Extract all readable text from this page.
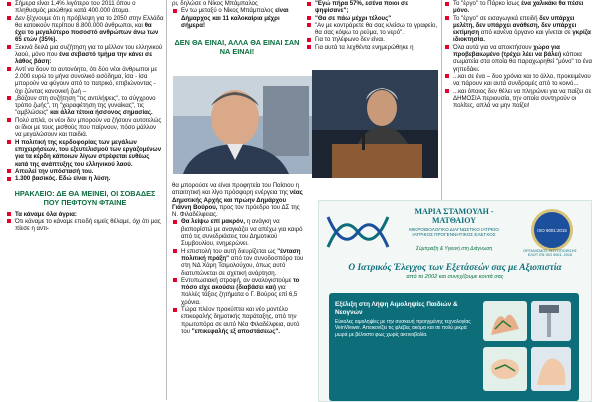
Σήμερα είναι 1,4% λιγότερο του 2011 όπου ο πληθυσμός μειώθηκε κατά 400.000 άτομα.

Δεν ξέχνουμε ότι η πρόβλεψη για το 2050 στην Ελλάδα θα κατοικούν περίπου 8.800.000 άνθρωποι, και θα έχει το μεγαλύτερο ποσοστό ανθρώπων άνω των 65 ετών (35%).

Ξεκινά δειλά μια συζήτηση για το μέλλον του ελληνικού λαού, μόνο που ένα σεβαστό τμήμα την κάνει σε λάθος βάση:

Αντί να δουν το αυτονόητο, ότι δύο νέοι άνθρωποι με 2.000 ευρώ το μήνα συνολικό εισόδημα, ίσα - ίσα μπορούν να φύγουν από το πατρικό, επιβιώνοντας - όχι ζώντας κανονική ζωή –

„Βάζουν στη συζήτηση "τις αντιλήψεις", το σύγχρονο τρόπο ζωής", τη "χειραφέτηση της γυναίκας", τις "αμβλώσεις" και άλλα τέτοια ήσσονος σημασίας.

Πολύ απλά, οι νέοι δεν μπορούν να ζήσουν αυτοτελώς οι ίδιοι με τους μισθούς που παίρνουν, πόσο μάλλον να μεγαλώσουν και παιδιά.

Η πολιτική της κερδοφορίας των μεγάλων επιχειρήσεων, του εξευτελισμού των εργαζομένων για τα κέρδη κάποιων λίγων στρέφεται ευθέως κατά της ανάπτυξης του ελληνικού λαού.

Απειλεί την υπόστασή του.

1.300 βασικός. Εδώ είναι η λύση.

ΗΡΑΚΛΕΙΟ: ΔΕ ΘΑ ΜΕΙΝΕΙ, ΟΙ ΣΟΒΑΔΕΣ ΠΟΥ ΠΕΦΤΟΥΝ ΦΤΑΙΝΕ

Τα κάναμε όλα άγρια:

Ότι κάναμε το κάναμε επειδή ειμείς θέλαμε, όχι ότι μας πίεσε η αντι-

ρι, δηλώσε ο Νίκος Μπάμπαλος

Εν τω μεταξύ ο Νίκος Μπάμπαλος είναι Δήμαρχος και 11 καλοκαίρια μέχρι σήμερα!

ΔΕΝ ΘΑ ΕΙΝΑΙ, ΑΛΛΑ ΘΑ ΕΙΝΑΙ ΣΑΝ ΝΑ ΕΙΝΑΙ!

θα μπορούσε να είναι προφητεία του Παίσιου η απαιτητική και λίγο πρόσφορη ενέργεια της νέας Δημοτικής Αρχής και πρώην Δημάρχου Γιάννη Βούρου, προς τον πρόεδρο του ΔΣ της Ν. Φιλαδέλφειας.

Θα λείψω επί μακρόν, η ανάγκη να βιοπορίστώ με αναγκάζει να απέχω για καιρό από τις συνεδριάσεις του Δημοτικού Συμβουλίου, ενημερώνει.

Η επιστολή του αυτή διευρίζεται ως "ένταση πολιτική πράξη" από τον συνοδοσπόρο του στη ΝΔ Χάρη Τσιμολούχου, όπως αυτό διατυπώνεται σε σχετική ανάρτηση.

Εντυπωσιακή στροφή, αν αναλογιστούμε το πόσο είχε ακούσει (διαβάσει και) για πολλές τάξεις ζητήματα ο Γ. Βούρος επί 6,5 χρόνια.

Τώρα πλέον προκύπτει και νέο μοντέλο επικεφαλής δημοτικής παράταξης, από την πρωτοπόρα σε αυτό Νέα Φιλαδέλφεια, αυτό του "επικεφαλής εξ αποστάσεως".

"Εγώ πήρα 57%, εσένα ποιοι σε ψηφίσανε";

"Θα σε πάω μέχρι τέλους"

"Αν με κοντράρετε θα σας κλείσω το γραφείο, θα σας κόψω το ρεύμα, το νερό".

Για το τηλέφωνο δεν είναι.

Για αυτά τα λεχθέντα ενημερώθηκε η

Το "έργο" το Πάρκο ίσως ένα χαλικάκι θα πέσει μόνο.

Το "έργο" σε εισαγωγικά επειδή δεν υπάρχει μελέτη, δεν υπάρχει ανάθεση, δεν υπάρχει εκτίμηση από κανένα όργανο και γίνεται σε γκρίζα ιδιοκτησία.

Όλα αυτά για να αποκτήσουν χώρο για προβεβαιωμένο (τρέχει λέει να βάλει) κάποια σωματεία στα οποία θα παραχωρηθεί "μόνο" το ένα γηπεδάκι.

...και σε ένα – δυο χρόνια και το άλλο, προκειμένου να πάρουν και αυτά συνδρομές από το κοινό...

...και όποιος δεν θέλει να πληρώνει για να παίζει σε ΔΗΜΟΣΙΑ περιουσία, την οποία συντηρούν οι πολίτες, απλά να μην παίζει!

ΜΑΡΙΑ ΣΤΑΜΟΥΛΗ - ΜΑΤΘΑΙΟΥ
ΜΙΚΡΟΒΙΟΛΟΓΙΚΟ ΔΙΑΓΝΩΣΤΙΚΟ ΙΑΤΡΕΙΟ ΙΑΤΡΙΚΟΣ ΠΡΟΓΕΝΝΗΤΙΚΟΣ ΕΛΕΓΧΟΣ
Σύμπραξη & Υγιεινή στη Διάγνωση
ISO 9001:2015
ΟΡΓΑΝΙΣΜΟΣ ΠΙΣΤΟΠΟΙΗΣΗΣ ΕΛΟΤ ΕΝ ISO 9001: 2015
Ο Ιατρικός Έλεγχος των Εξετάσεών σας με Αξιοπιστία
από το 2002 και συνεχίζουμε κοντά σας
Εξέλιξη στη Λήψη Αιμοληψίες Παιδιών & Νεογνών
Εύκολες αιμοληψίες με την συσκευή προηγμένης τεχνολογίας VeinViewer. Απεικονίζει τις φλέβες ακόμα και σε πολύ μικρά μωρά με βέλτιστο φως χωρίς ακτινοβολία.
